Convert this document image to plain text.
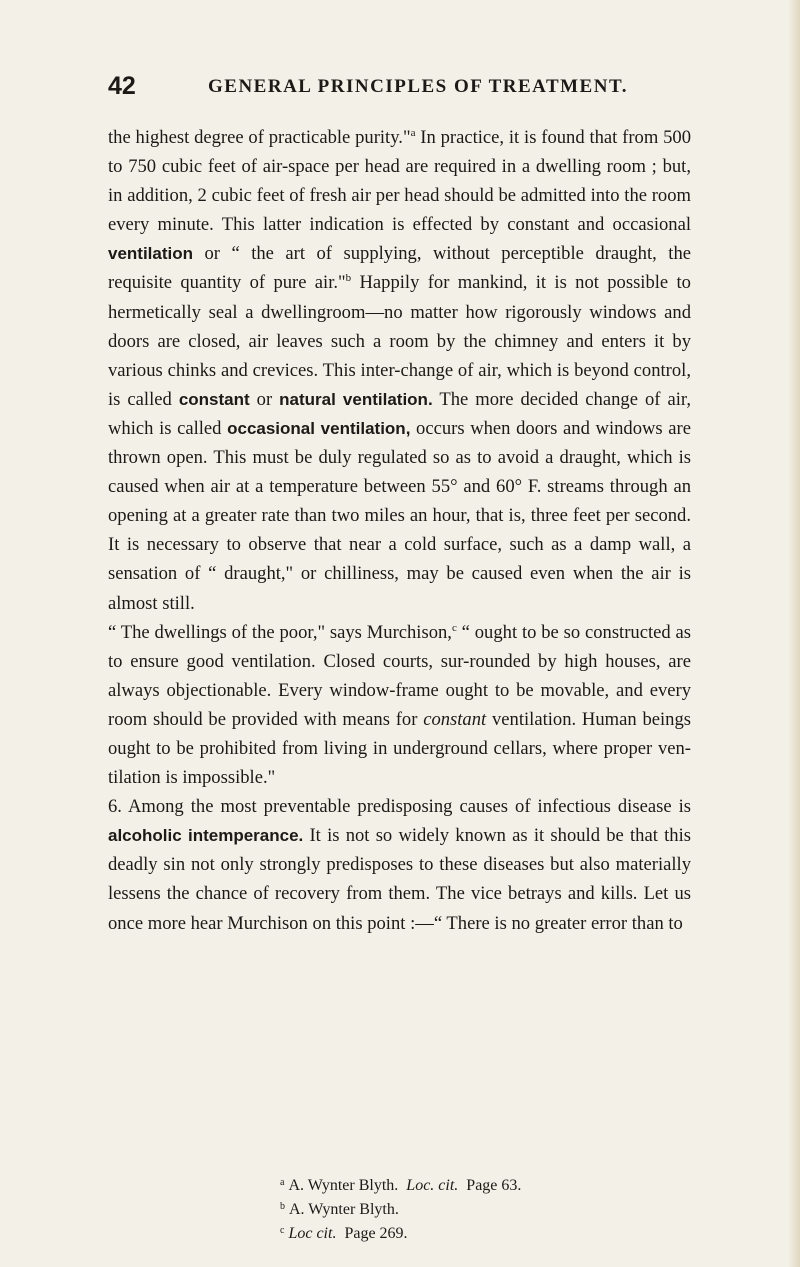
42	GENERAL PRINCIPLES OF TREATMENT.

the highest degree of practicable purity."$^a$ In practice, it is found that from 500 to 750 cubic feet of air-space per head are required in a dwelling room ; but, in addition, 2 cubic feet of fresh air per head should be admitted into the room every minute. This latter indication is effected by constant and occasional ventilation or “ the art of supplying, without perceptible draught, the requisite quantity of pure air."$^b$ Happily for mankind, it is not possible to hermetically seal a dwellingroom—no matter how rigorously windows and doors are closed, air leaves such a room by the chimney and enters it by various chinks and crevices. This inter-change of air, which is beyond control, is called constant or natural ventilation. The more decided change of air, which is called occasional ventilation, occurs when doors and windows are thrown open. This must be duly regulated so as to avoid a draught, which is caused when air at a temperature between 55° and 60° F. streams through an opening at a greater rate than two miles an hour, that is, three feet per second. It is necessary to observe that near a cold surface, such as a damp wall, a sensation of “ draught," or chilliness, may be caused even when the air is almost still.

“ The dwellings of the poor," says Murchison,$^c$ “ ought to be so constructed as to ensure good ventilation. Closed courts, sur-rounded by high houses, are always objectionable. Every window-frame ought to be movable, and every room should be provided with means for constant ventilation. Human beings ought to be prohibited from living in underground cellars, where proper ven-tilation is impossible."

6. Among the most preventable predisposing causes of infectious disease is alcoholic intemperance. It is not so widely known as it should be that this deadly sin not only strongly predisposes to these diseases but also materially lessens the chance of recovery from them. The vice betrays and kills. Let us once more hear Murchison on this point :—“ There is no greater error than to

$^a$ A. Wynter Blyth. Loc. cit. Page 63.
$^b$ A. Wynter Blyth.
$^c$ Loc cit. Page 269.
